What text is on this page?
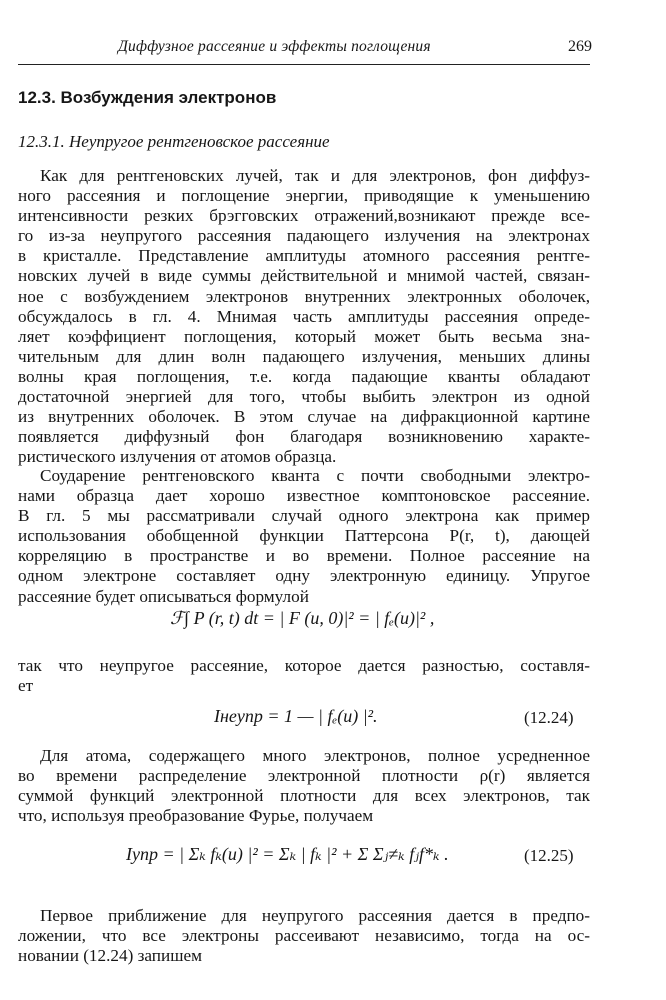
Диффузное рассеяние и эффекты поглощения	269
12.3. Возбуждения электронов
12.3.1. Неупругое рентгеновское рассеяние

Как для рентгеновских лучей, так и для электронов, фон диффуз-
ного рассеяния и поглощение энергии, приводящие к уменьшению
интенсивности резких брэгговских отражений,возникают прежде все-
го из-за неупругого рассеяния падающего излучения на электронах
в кристалле. Представление амплитуды атомного рассеяния рентге-
новских лучей в виде суммы действительной и мнимой частей, связан-
ное с возбуждением электронов внутренних электронных оболочек,
обсуждалось в гл. 4. Мнимая часть амплитуды рассеяния опреде-
ляет коэффициент поглощения, который может быть весьма зна-
чительным для длин волн падающего излучения, меньших длины
волны края поглощения, т.е. когда падающие кванты обладают
достаточной энергией для того, чтобы выбить электрон из одной
из внутренних оболочек. В этом случае на дифракционной картине
появляется диффузный фон благодаря возникновению характе-
ристического излучения от атомов образца.

Соударение рентгеновского кванта с почти свободными электро-
нами образца дает хорошо известное комптоновское рассеяние.
В гл. 5 мы рассматривали случай одного электрона как пример
использования обобщенной функции Паттерсона P(r, t), дающей
корреляцию в пространстве и во времени. Полное рассеяние на
одном электроне составляет одну электронную единицу. Упругое
рассеяние будет описываться формулой

ℱ∫ P (r, t) dt = | F (u, 0)|² = | fₑ(u)|² ,

так что неупругое рассеяние, которое дается разностью, составля-
ет

Iнеупр = 1 — | fₑ(u) |².	(12.24)

Для атома, содержащего много электронов, полное усредненное
во времени распределение электронной плотности ρ(r) является
суммой функций электронной плотности для всех электронов, так
что, используя преобразование Фурье, получаем

Iупр = | Σₖ fₖ(u) |² = Σₖ | fₖ |² + Σ Σⱼ≠ₖ fⱼf*ₖ .	(12.25)

Первое приближение для неупругого рассеяния дается в предпо-
ложении, что все электроны рассеивают независимо, тогда на ос-
новании (12.24) запишем
